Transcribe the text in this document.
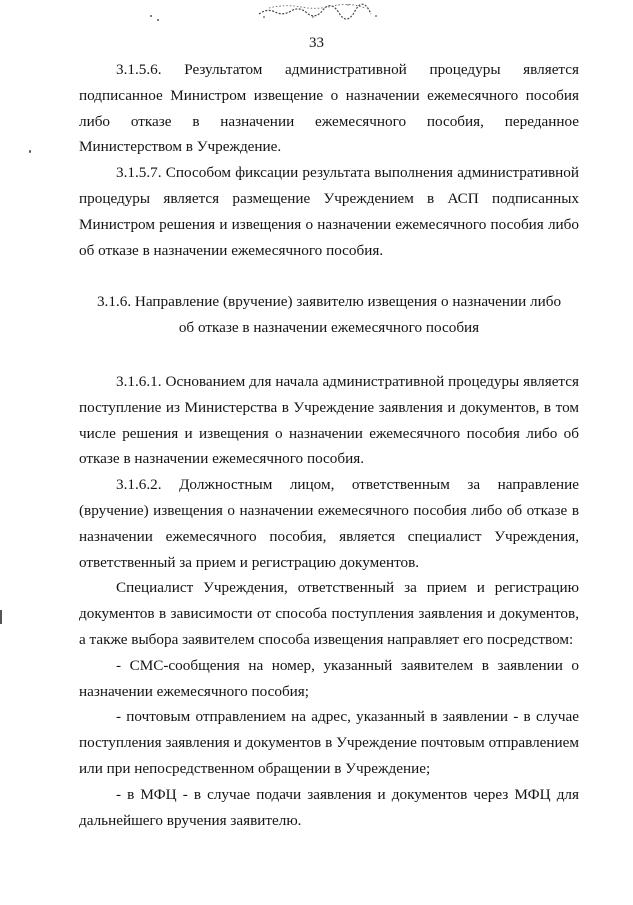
33

3.1.5.6. Результатом административной процедуры является подписанное Министром извещение о назначении ежемесячного пособия либо отказе в назначении ежемесячного пособия, переданное Министерством в Учреждение.

3.1.5.7. Способом фиксации результата выполнения административной процедуры является размещение Учреждением в АСП подписанных Министром решения и извещения о назначении ежемесячного пособия либо об отказе в назначении ежемесячного пособия.

3.1.6. Направление (вручение) заявителю извещения о назначении либо

об отказе в назначении ежемесячного пособия

3.1.6.1. Основанием для начала административной процедуры является поступление из Министерства в Учреждение заявления и документов, в том числе решения и извещения о назначении ежемесячного пособия либо об отказе в назначении ежемесячного пособия.

3.1.6.2. Должностным лицом, ответственным за направление (вручение) извещения о назначении ежемесячного пособия либо об отказе в назначении ежемесячного пособия, является специалист Учреждения, ответственный за прием и регистрацию документов.

Специалист Учреждения, ответственный за прием и регистрацию документов в зависимости от способа поступления заявления и документов, а также выбора заявителем способа извещения направляет его посредством:

- СМС-сообщения на номер, указанный заявителем в заявлении о назначении ежемесячного пособия;

- почтовым отправлением на адрес, указанный в заявлении - в случае поступления заявления и документов в Учреждение почтовым отправлением или при непосредственном обращении в Учреждение;

- в МФЦ - в случае подачи заявления и документов через МФЦ для дальнейшего вручения заявителю.
